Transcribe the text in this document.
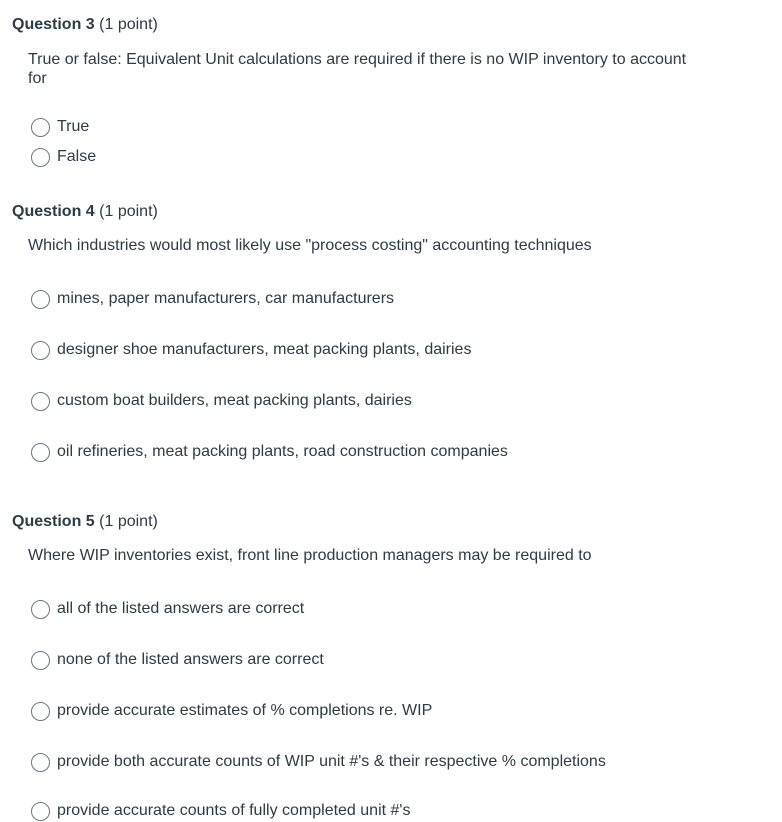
Question 3 (1 point)
True or false: Equivalent Unit calculations are required if there is no WIP inventory to account for
True
False
Question 4 (1 point)
Which industries would most likely use "process costing" accounting techniques
mines, paper manufacturers, car manufacturers
designer shoe manufacturers, meat packing plants, dairies
custom boat builders, meat packing plants, dairies
oil refineries, meat packing plants, road construction companies
Question 5 (1 point)
Where WIP inventories exist, front line production managers may be required to
all of the listed answers are correct
none of the listed answers are correct
provide accurate estimates of % completions re. WIP
provide both accurate counts of WIP unit #'s & their respective % completions
provide accurate counts of fully completed unit #'s
